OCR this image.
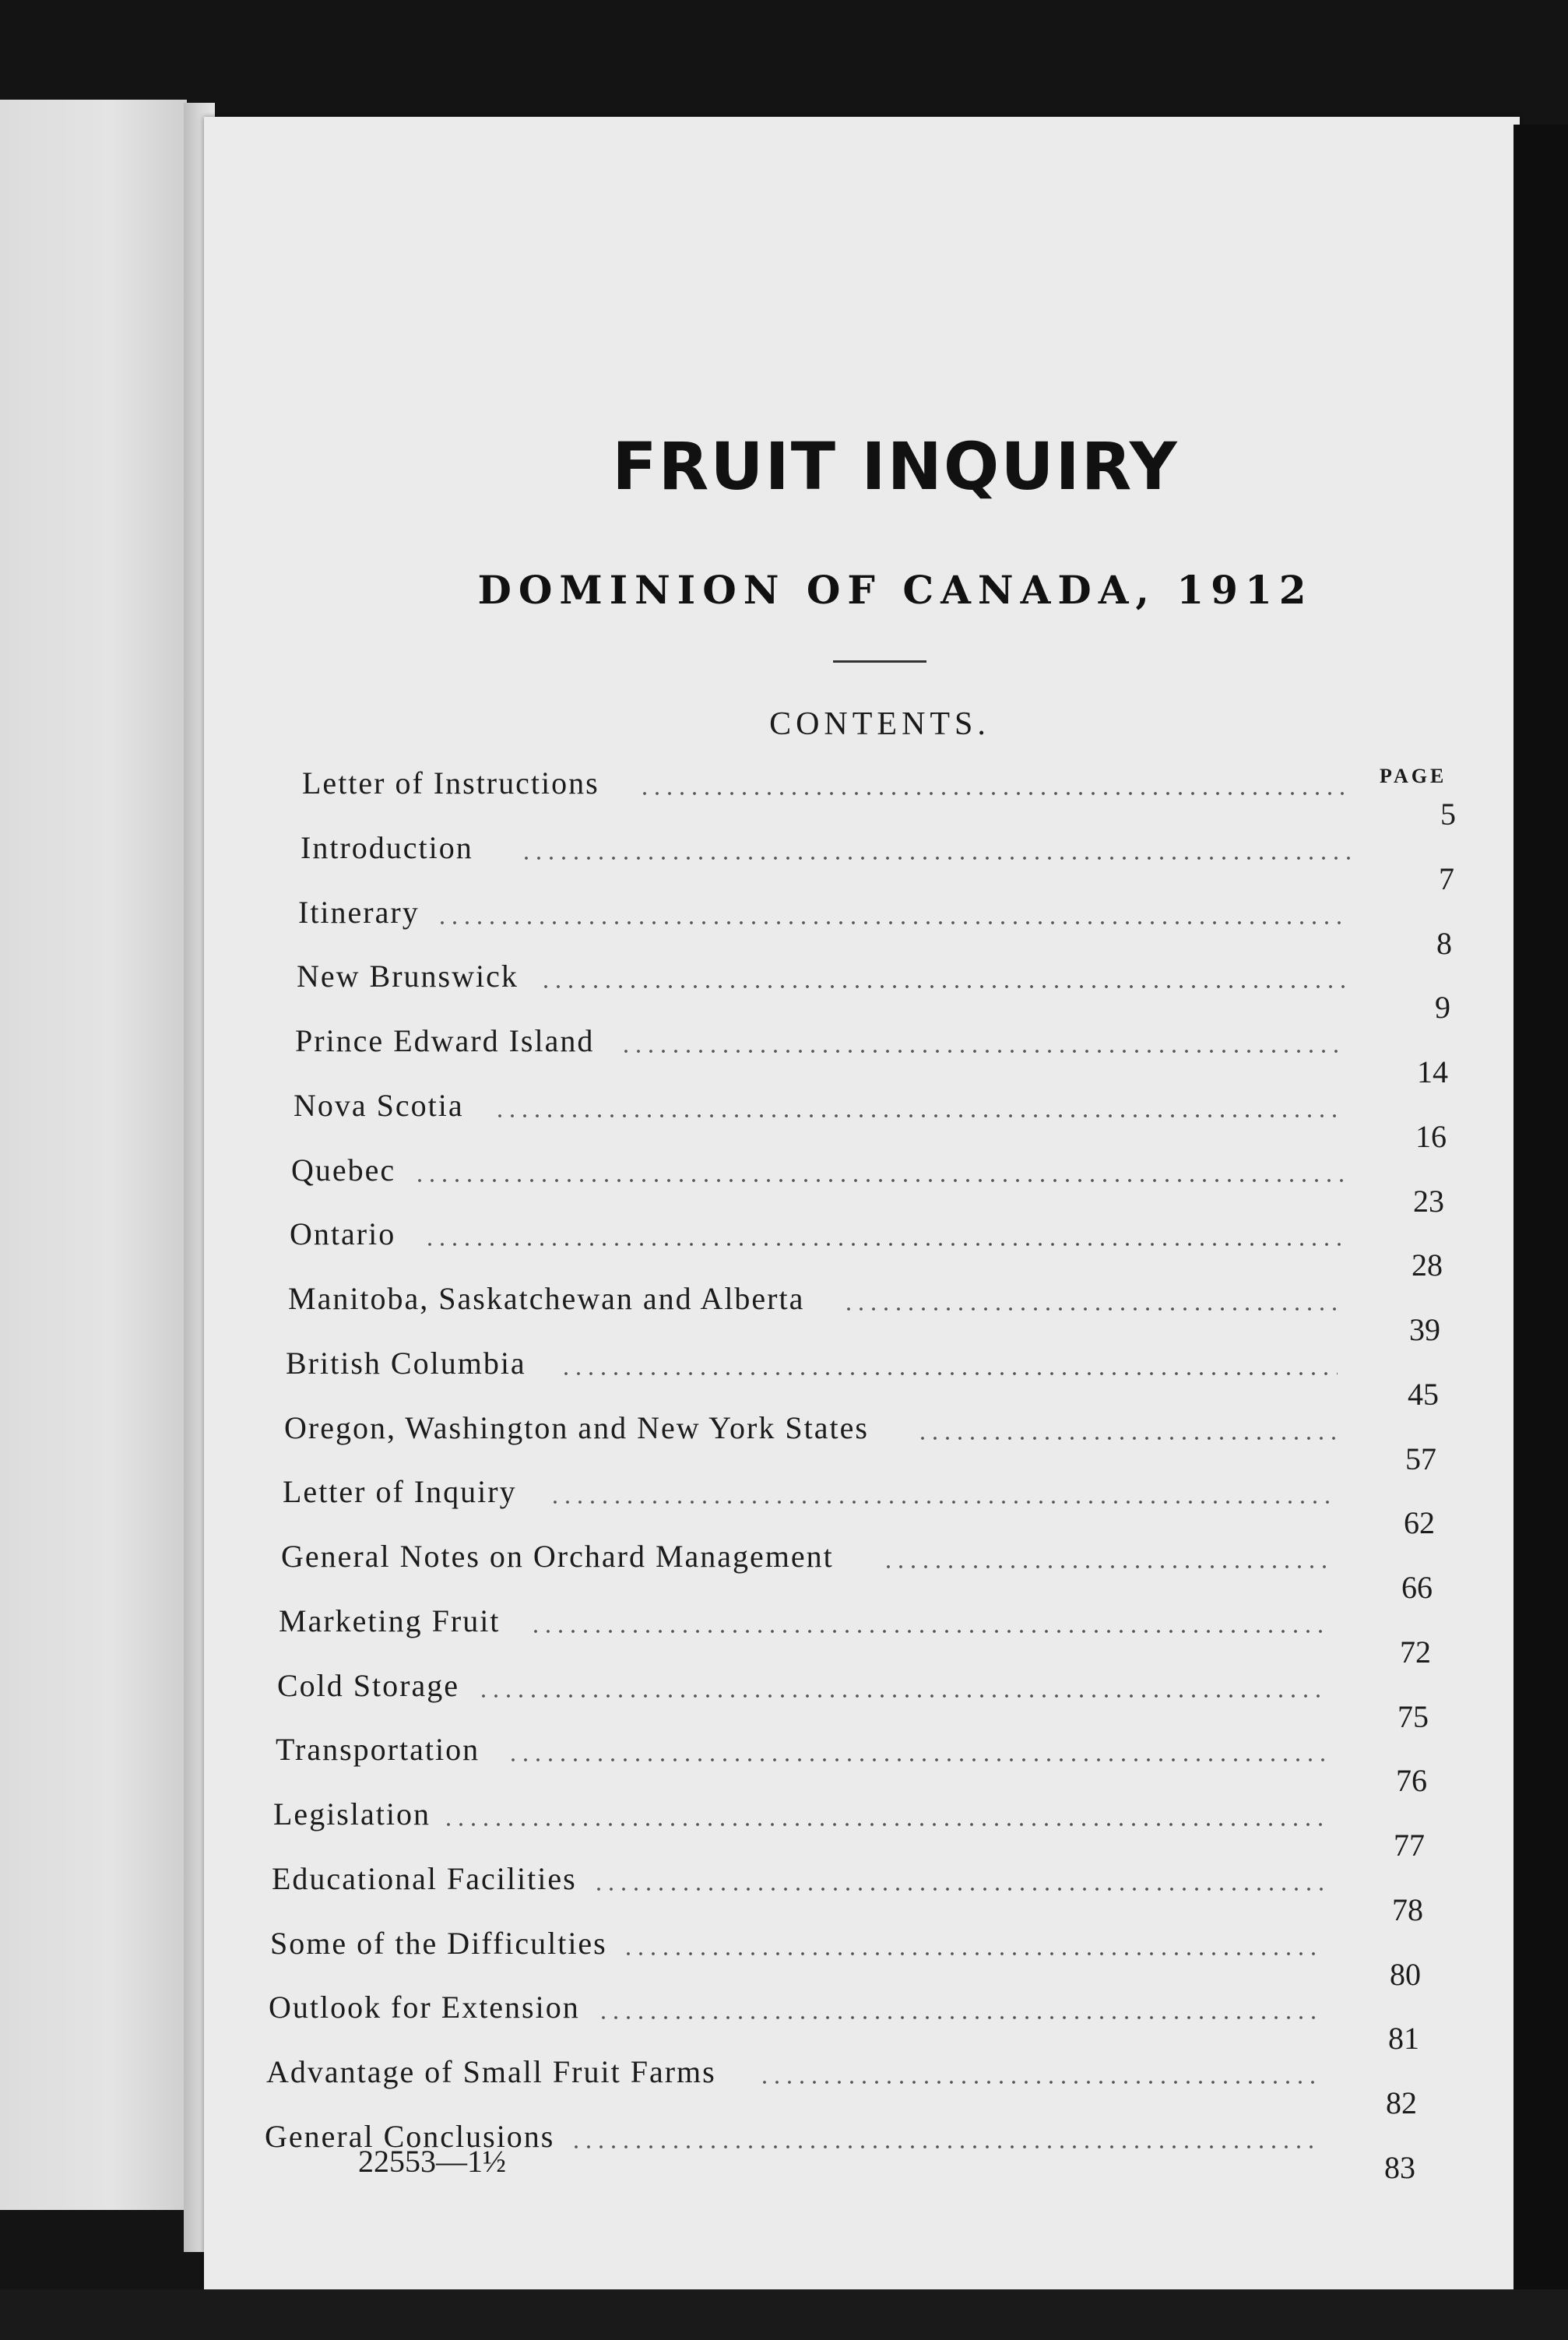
FRUIT INQUIRY
DOMINION OF CANADA, 1912
CONTENTS.
PAGE
Letter of Instructions
5
Introduction
7
Itinerary
8
New Brunswick
9
Prince Edward Island
14
Nova Scotia
16
Quebec
23
Ontario
28
Manitoba, Saskatchewan and Alberta
39
British Columbia
45
Oregon, Washington and New York States
57
Letter of Inquiry
62
General Notes on Orchard Management
66
Marketing Fruit
72
Cold Storage
75
Transportation
76
Legislation
77
Educational Facilities
78
Some of the Difficulties
80
Outlook for Extension
81
Advantage of Small Fruit Farms
82
General Conclusions
83
22553—1½
